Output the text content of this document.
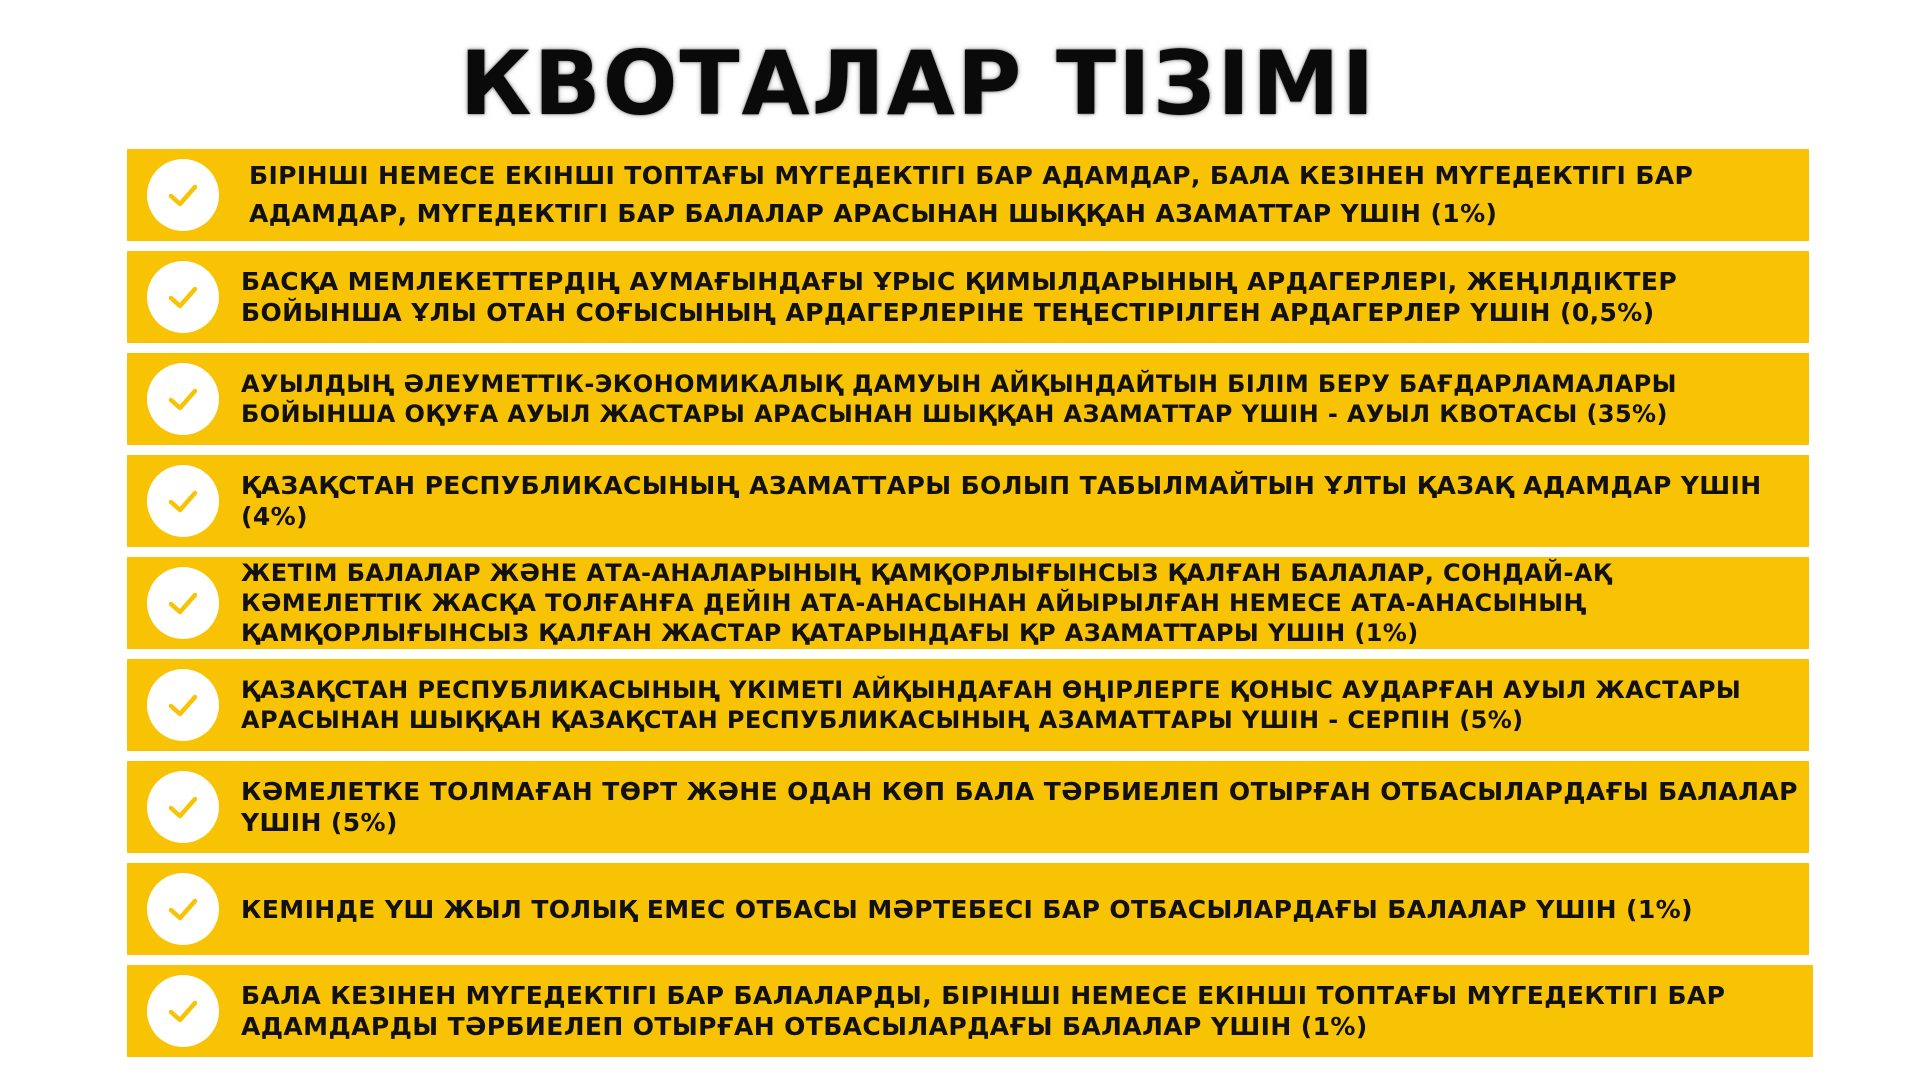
КВОТАЛАР ТІЗІМІ
БІРІНШІ НЕМЕСЕ ЕКІНШІ ТОПТАҒЫ МҮГЕДЕКТІГІ БАР АДАМДАР, БАЛА КЕЗІНЕН МҮГЕДЕКТІГІ БАР АДАМДАР, МҮГЕДЕКТІГІ БАР БАЛАЛАР АРАСЫНАН ШЫҚҚАН АЗАМАТТАР ҮШІН (1%)
БАСҚА МЕМЛЕКЕТТЕРДІҢ АУМАҒЫНДАҒЫ ҰРЫС ҚИМЫЛДАРЫНЫҢ АРДАГЕРЛЕРІ, ЖЕҢІЛДІКТЕР БОЙЫНША ҰЛЫ ОТАН СОҒЫСЫНЫҢ АРДАГЕРЛЕРІНЕ ТЕҢЕСТІРІЛГЕН АРДАГЕРЛЕР ҮШІН (0,5%)
АУЫЛДЫҢ ӘЛЕУМЕТТІК-ЭКОНОМИКАЛЫҚ ДАМУЫН АЙҚЫНДАЙТЫН БІЛІМ БЕРУ БАҒДАРЛАМАЛАРЫ БОЙЫНША ОҚУҒА АУЫЛ ЖАСТАРЫ АРАСЫНАН ШЫҚҚАН АЗАМАТТАР ҮШІН - АУЫЛ КВОТАСЫ (35%)
ҚАЗАҚСТАН РЕСПУБЛИКАСЫНЫҢ АЗАМАТТАРЫ БОЛЫП ТАБЫЛМАЙТЫН ҰЛТЫ ҚАЗАҚ АДАМДАР ҮШІН (4%)
ЖЕТІМ БАЛАЛАР ЖӘНЕ АТА-АНАЛАРЫНЫҢ ҚАМҚОРЛЫҒЫНСЫЗ ҚАЛҒАН БАЛАЛАР, СОНДАЙ-АҚ КӘМЕЛЕТТІК ЖАСҚА ТОЛҒАНҒА ДЕЙІН АТА-АНАСЫНАН АЙЫРЫЛҒАН НЕМЕСЕ АТА-АНАСЫНЫҢ ҚАМҚОРЛЫҒЫНСЫЗ ҚАЛҒАН ЖАСТАР ҚАТАРЫНДАҒЫ ҚР АЗАМАТТАРЫ ҮШІН (1%)
ҚАЗАҚСТАН РЕСПУБЛИКАСЫНЫҢ ҮКІМЕТІ АЙҚЫНДАҒАН ӨҢІРЛЕРГЕ ҚОНЫС АУДАРҒАН АУЫЛ ЖАСТАРЫ АРАСЫНАН ШЫҚҚАН ҚАЗАҚСТАН РЕСПУБЛИКАСЫНЫҢ АЗАМАТТАРЫ ҮШІН - СЕРПІН (5%)
КӘМЕЛЕТКЕ ТОЛМАҒАН ТӨРТ ЖӘНЕ ОДАН КӨП БАЛА ТӘРБИЕЛЕП ОТЫРҒАН ОТБАСЫЛАРДАҒЫ БАЛАЛАР ҮШІН (5%)
КЕМІНДЕ ҮШ ЖЫЛ ТОЛЫҚ ЕМЕС ОТБАСЫ МӘРТЕБЕСІ БАР ОТБАСЫЛАРДАҒЫ БАЛАЛАР ҮШІН (1%)
БАЛА КЕЗІНЕН МҮГЕДЕКТІГІ БАР БАЛАЛАРДЫ, БІРІНШІ НЕМЕСЕ ЕКІНШІ ТОПТАҒЫ МҮГЕДЕКТІГІ БАР АДАМДАРДЫ ТӘРБИЕЛЕП ОТЫРҒАН ОТБАСЫЛАРДАҒЫ БАЛАЛАР ҮШІН (1%)
